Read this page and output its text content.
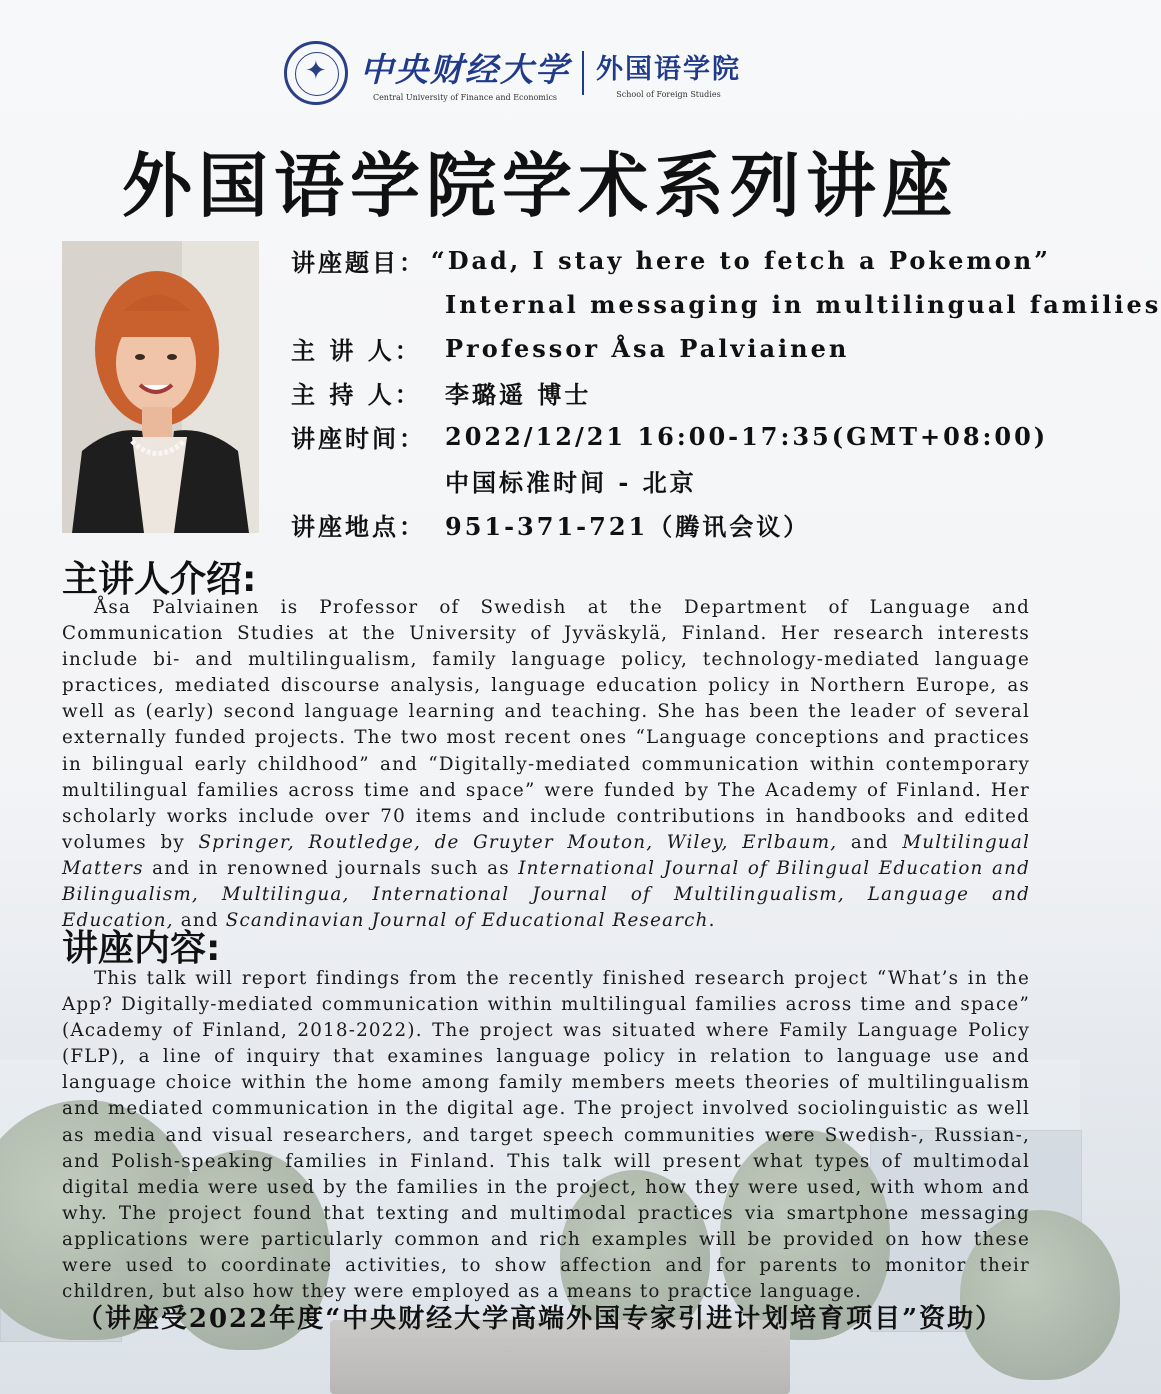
✦
中央财经大学
Central University of Finance and Economics
外国语学院
School of Foreign Studies
外国语学院学术系列讲座
讲座题目： “Dad, I stay here to fetch a Pokemon”
Internal messaging in multilingual families
主 讲 人： Professor Åsa Palviainen
主 持 人： 李璐遥 博士
讲座时间： 2022/12/21 16:00-17:35(GMT+08:00)
中国标准时间 - 北京
讲座地点： 951-371-721（腾讯会议）
主讲人介绍:
Åsa Palviainen is Professor of Swedish at the Department of Language and Communication Studies at the University of Jyväskylä, Finland. Her research interests include bi- and multilingualism, family language policy, technology-mediated language practices, mediated discourse analysis, language education policy in Northern Europe, as well as (early) second language learning and teaching. She has been the leader of several externally funded projects. The two most recent ones “Language conceptions and practices in bilingual early childhood” and “Digitally-mediated communication within contemporary multilingual families across time and space” were funded by The Academy of Finland. Her scholarly works include over 70 items and include contributions in handbooks and edited volumes by Springer, Routledge, de Gruyter Mouton, Wiley, Erlbaum, and Multilingual Matters and in renowned journals such as International Journal of Bilingual Education and Bilingualism, Multilingua, International Journal of Multilingualism, Language and Education, and Scandinavian Journal of Educational Research.
讲座内容:
This talk will report findings from the recently finished research project “What’s in the App? Digitally-mediated communication within multilingual families across time and space” (Academy of Finland, 2018-2022). The project was situated where Family Language Policy (FLP), a line of inquiry that examines language policy in relation to language use and language choice within the home among family members meets theories of multilingualism and mediated communication in the digital age. The project involved sociolinguistic as well as media and visual researchers, and target speech communities were Swedish-, Russian-, and Polish-speaking families in Finland. This talk will present what types of multimodal digital media were used by the families in the project, how they were used, with whom and why. The project found that texting and multimodal practices via smartphone messaging applications were particularly common and rich examples will be provided on how these were used to coordinate activities, to show affection and for parents to monitor their children, but also how they were employed as a means to practice language.
（讲座受2022年度“中央财经大学高端外国专家引进计划培育项目”资助）
